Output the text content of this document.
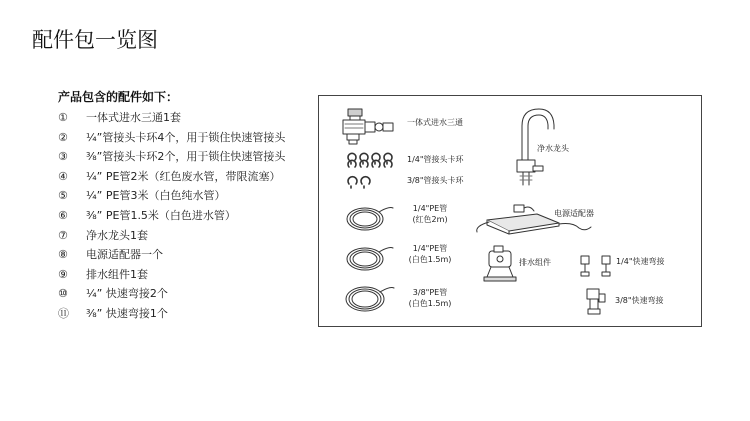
配件包一览图
产品包含的配件如下：
①	一体式进水三通1套
②	¼”管接头卡环4个，用于锁住快速管接头
③	⅜”管接头卡环2个，用于锁住快速管接头
④	¼” PE管2米（红色废水管，带限流塞）
⑤	¼” PE管3米（白色纯水管）
⑥	⅜” PE管1.5米（白色进水管）
⑦	净水龙头1套
⑧	电源适配器一个
⑨	排水组件1套
⑩	¼” 快速弯接2个
⑪	⅜” 快速弯接1个
一体式进水三通
1/4"管接头卡环
3/8"管接头卡环
1/4"PE管
(红色2m)
1/4"PE管
(白色1.5m)
3/8"PE管
(白色1.5m)
净水龙头
电源适配器
排水组件	1/4"快速弯接
3/8"快速弯接
